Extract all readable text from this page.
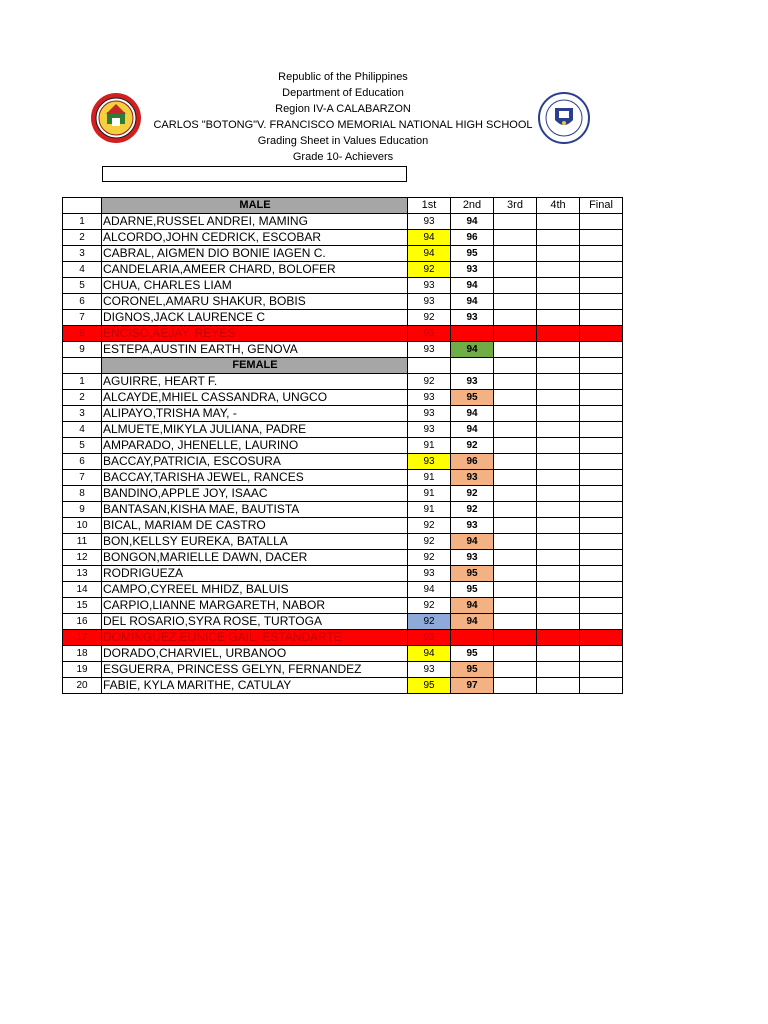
Republic of the Philippines
Department of Education
Region IV-A CALABARZON
CARLOS "BOTONG"V. FRANCISCO MEMORIAL NATIONAL HIGH SCHOOL
Grading Sheet in Values Education
Grade 10- Achievers
	MALE	1st	2nd	3rd	4th	Final
1	ADARNE,RUSSEL ANDREI, MAMING	93	94			
2	ALCORDO,JOHN CEDRICK, ESCOBAR	94	96			
3	CABRAL, AIGMEN DIO BONIE IAGEN C.	94	95			
4	CANDELARIA,AMEER CHARD, BOLOFER	92	93			
5	CHUA, CHARLES LIAM	93	94			
6	CORONEL,AMARU SHAKUR, BOBIS	93	94			
7	DIGNOS,JACK LAURENCE C	92	93			
8	ENCISO,AEJAY, REYES	93				
9	ESTEPA,AUSTIN EARTH, GENOVA	93	94			
	FEMALE					
1	AGUIRRE, HEART F.	92	93			
2	ALCAYDE,MHIEL CASSANDRA, UNGCO	93	95			
3	ALIPAYO,TRISHA MAY, -	93	94			
4	ALMUETE,MIKYLA JULIANA, PADRE	93	94			
5	AMPARADO, JHENELLE, LAURINO	91	92			
6	BACCAY,PATRICIA, ESCOSURA	93	96			
7	BACCAY,TARISHA JEWEL, RANCES	91	93			
8	BANDINO,APPLE JOY, ISAAC	91	92			
9	BANTASAN,KISHA MAE, BAUTISTA	91	92			
10	BICAL, MARIAM DE CASTRO	92	93			
11	BON,KELLSY EUREKA, BATALLA	92	94			
12	BONGON,MARIELLE DAWN, DACER	92	93			
13	RODRIGUEZA	93	95			
14	CAMPO,CYREEL MHIDZ, BALUIS	94	95			
15	CARPIO,LIANNE MARGARETH, NABOR	92	94			
16	DEL ROSARIO,SYRA ROSE, TURTOGA	92	94			
17	DOMINGUEZ,EUNICE GAIL, ESTANDARTE	93				
18	DORADO,CHARVIEL, URBANOO	94	95			
19	ESGUERRA, PRINCESS GELYN, FERNANDEZ	93	95			
20	FABIE, KYLA MARITHE, CATULAY	95	97			
